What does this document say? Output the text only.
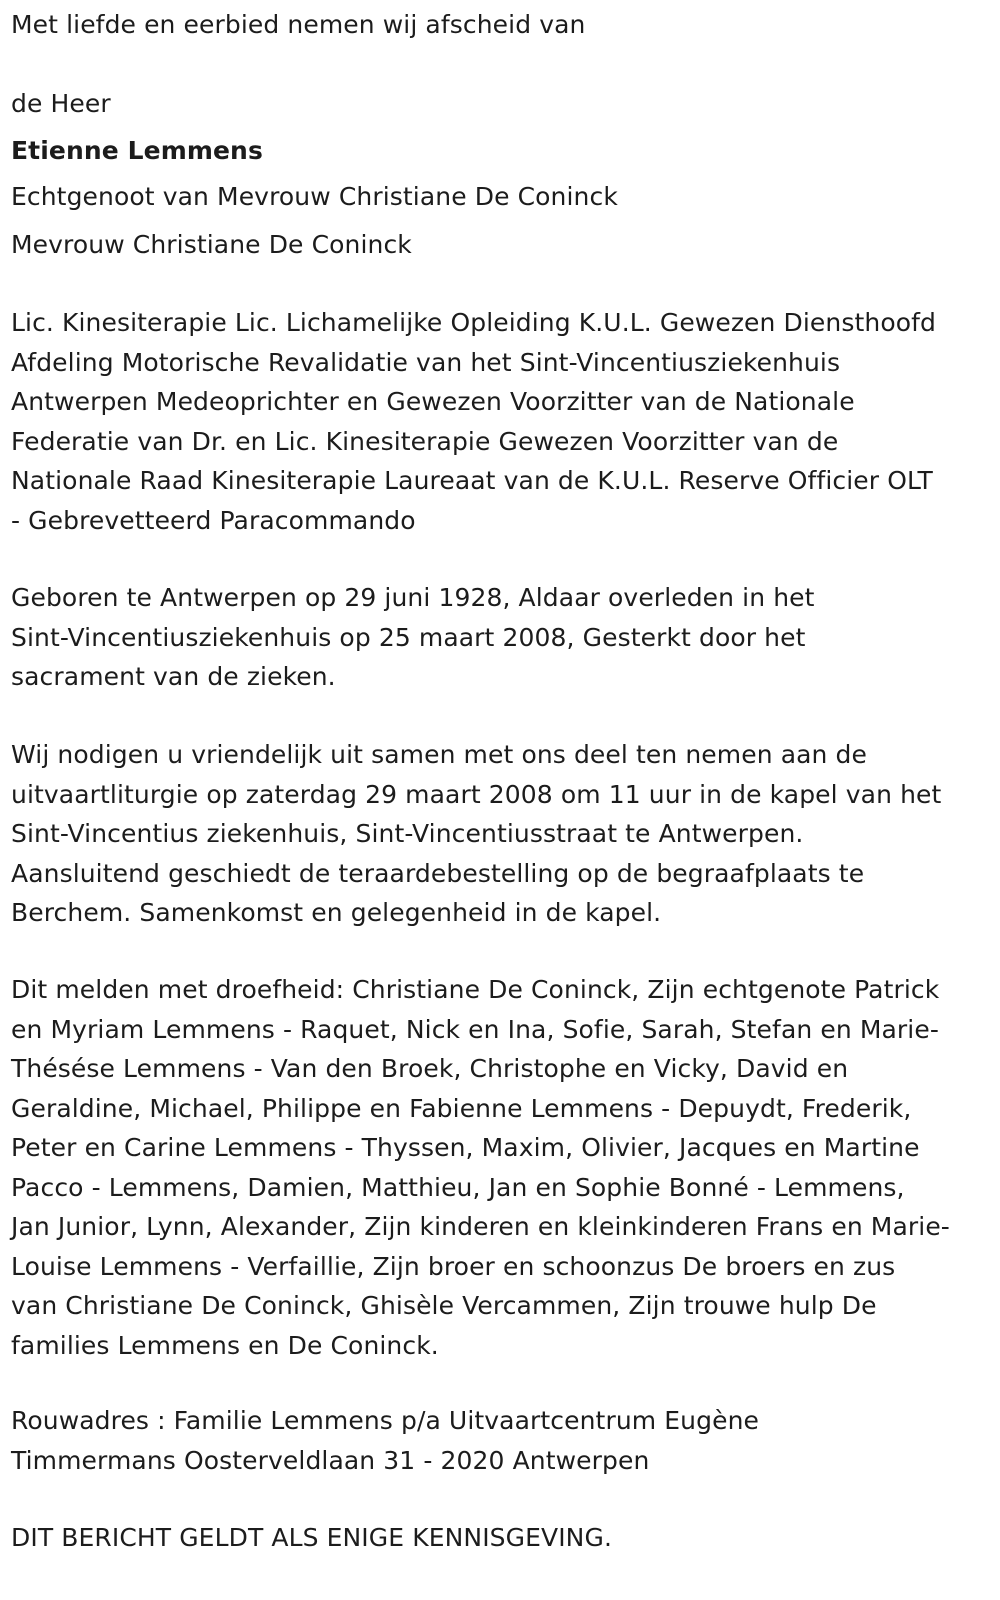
Met liefde en eerbied nemen wij afscheid van
de Heer
Etienne Lemmens
Echtgenoot van Mevrouw Christiane De Coninck
Mevrouw Christiane De Coninck
Lic. Kinesiterapie Lic. Lichamelijke Opleiding K.U.L. Gewezen Diensthoofd
Afdeling Motorische Revalidatie van het Sint-Vincentiusziekenhuis
Antwerpen Medeoprichter en Gewezen Voorzitter van de Nationale
Federatie van Dr. en Lic. Kinesiterapie Gewezen Voorzitter van de
Nationale Raad Kinesiterapie Laureaat van de K.U.L. Reserve Officier OLT
- Gebrevetteerd Paracommando
Geboren te Antwerpen op 29 juni 1928, Aldaar overleden in het
Sint-Vincentiusziekenhuis op 25 maart 2008, Gesterkt door het
sacrament van de zieken.
Wij nodigen u vriendelijk uit samen met ons deel ten nemen aan de
uitvaartliturgie op zaterdag 29 maart 2008 om 11 uur in de kapel van het
Sint-Vincentius ziekenhuis, Sint-Vincentiusstraat te Antwerpen.
Aansluitend geschiedt de teraardebestelling op de begraafplaats te
Berchem. Samenkomst en gelegenheid in de kapel.
Dit melden met droefheid: Christiane De Coninck, Zijn echtgenote Patrick
en Myriam Lemmens - Raquet, Nick en Ina, Sofie, Sarah, Stefan en Marie-
Thésése Lemmens - Van den Broek, Christophe en Vicky, David en
Geraldine, Michael, Philippe en Fabienne Lemmens - Depuydt, Frederik,
Peter en Carine Lemmens - Thyssen, Maxim, Olivier, Jacques en Martine
Pacco - Lemmens, Damien, Matthieu, Jan en Sophie Bonné - Lemmens,
Jan Junior, Lynn, Alexander, Zijn kinderen en kleinkinderen Frans en Marie-
Louise Lemmens - Verfaillie, Zijn broer en schoonzus De broers en zus
van Christiane De Coninck, Ghisèle Vercammen, Zijn trouwe hulp De
families Lemmens en De Coninck.
Rouwadres : Familie Lemmens p/a Uitvaartcentrum Eugène
Timmermans Oosterveldlaan 31 - 2020 Antwerpen
DIT BERICHT GELDT ALS ENIGE KENNISGEVING.
